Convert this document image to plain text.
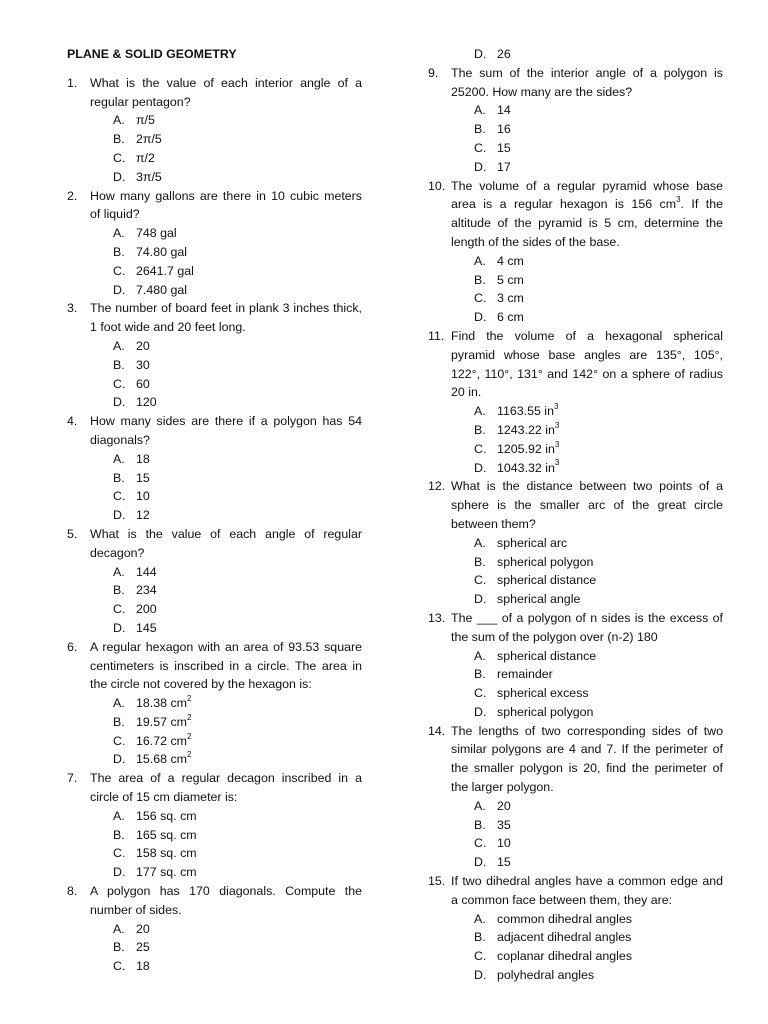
PLANE & SOLID GEOMETRY
1.	What is the value of each interior angle of a regular pentagon?
A. π/5
B. 2π/5
C. π/2
D. 3π/5
2.	How many gallons are there in 10 cubic meters of liquid?
A. 748 gal
B. 74.80 gal
C. 2641.7 gal
D. 7.480 gal
3.	The number of board feet in plank 3 inches thick, 1 foot wide and 20 feet long.
A. 20
B. 30
C. 60
D. 120
4.	How many sides are there if a polygon has 54 diagonals?
A. 18
B. 15
C. 10
D. 12
5.	What is the value of each angle of regular decagon?
A. 144
B. 234
C. 200
D. 145
6.	A regular hexagon with an area of 93.53 square centimeters is inscribed in a circle. The area in the circle not covered by the hexagon is:
A. 18.38 $cm^2$
B. 19.57 $cm^2$
C. 16.72 $cm^2$
D. 15.68 $cm^2$
7.	The area of a regular decagon inscribed in a circle of 15 cm diameter is:
A. 156 sq. cm
B. 165 sq. cm
C. 158 sq. cm
D. 177 sq. cm
8.	A polygon has 170 diagonals. Compute the number of sides.
A. 20
B. 25
C. 18
D. 26
9.	The sum of the interior angle of a polygon is 25200. How many are the sides?
A. 14
B. 16
C. 15
D. 17
10. The volume of a regular pyramid whose base area is a regular hexagon is 156 $cm^3$. If the altitude of the pyramid is 5 cm, determine the length of the sides of the base.
A. 4 cm
B. 5 cm
C. 3 cm
D. 6 cm
11. Find the volume of a hexagonal spherical pyramid whose base angles are 135°, 105°, 122°, 110°, 131° and 142° on a sphere of radius 20 in.
A. 1163.55 $in^3$
B. 1243.22 $in^3$
C. 1205.92 $in^3$
D. 1043.32 $in^3$
12. What is the distance between two points of a sphere is the smaller arc of the great circle between them?
A. spherical arc
B. spherical polygon
C. spherical distance
D. spherical angle
13. The ___ of a polygon of n sides is the excess of the sum of the polygon over (n-2) 180
A. spherical distance
B. remainder
C. spherical excess
D. spherical polygon
14. The lengths of two corresponding sides of two similar polygons are 4 and 7. If the perimeter of the smaller polygon is 20, find the perimeter of the larger polygon.
A. 20
B. 35
C. 10
D. 15
15. If two dihedral angles have a common edge and a common face between them, they are:
A. common dihedral angles
B. adjacent dihedral angles
C. coplanar dihedral angles
D. polyhedral angles
